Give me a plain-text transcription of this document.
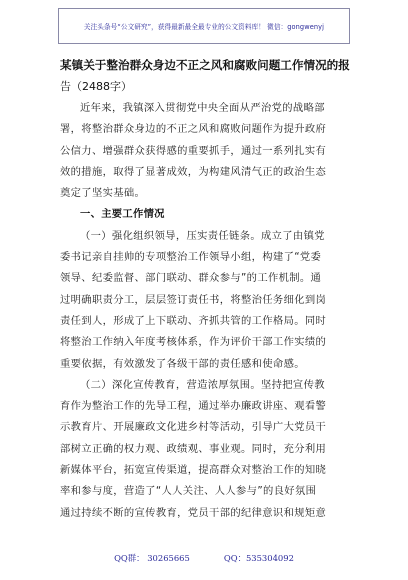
关注头条号“公文研究”，获得最新最全最专业的公文资料库！ 微信：gongwenyj
某镇关于整治群众身边不正之风和腐败问题工作情况的报
告（2488字）
近年来，我镇深入贯彻党中央全面从严治党的战略部
署，将整治群众身边的不正之风和腐败问题作为提升政府
公信力、增强群众获得感的重要抓手，通过一系列扎实有
效的措施，取得了显著成效，为构建风清气正的政治生态
奠定了坚实基础。
一、主要工作情况
（一）强化组织领导，压实责任链条。成立了由镇党
委书记亲自挂帅的专项整治工作领导小组，构建了“党委
领导、纪委监督、部门联动、群众参与”的工作机制。通
过明确职责分工，层层签订责任书，将整治任务细化到岗
责任到人，形成了上下联动、齐抓共管的工作格局。同时
将整治工作纳入年度考核体系，作为评价干部工作实绩的
重要依据，有效激发了各级干部的责任感和使命感。
（二）深化宣传教育，营造浓厚氛围。坚持把宣传教
育作为整治工作的先导工程，通过举办廉政讲座、观看警
示教育片、开展廉政文化进乡村等活动，引导广大党员干
部树立正确的权力观、政绩观、事业观。同时，充分利用
新媒体平台，拓宽宣传渠道，提高群众对整治工作的知晓
率和参与度，营造了“人人关注、人人参与”的良好氛围
通过持续不断的宣传教育，党员干部的纪律意识和规矩意
QQ群： 30265665	QQ：535304092
